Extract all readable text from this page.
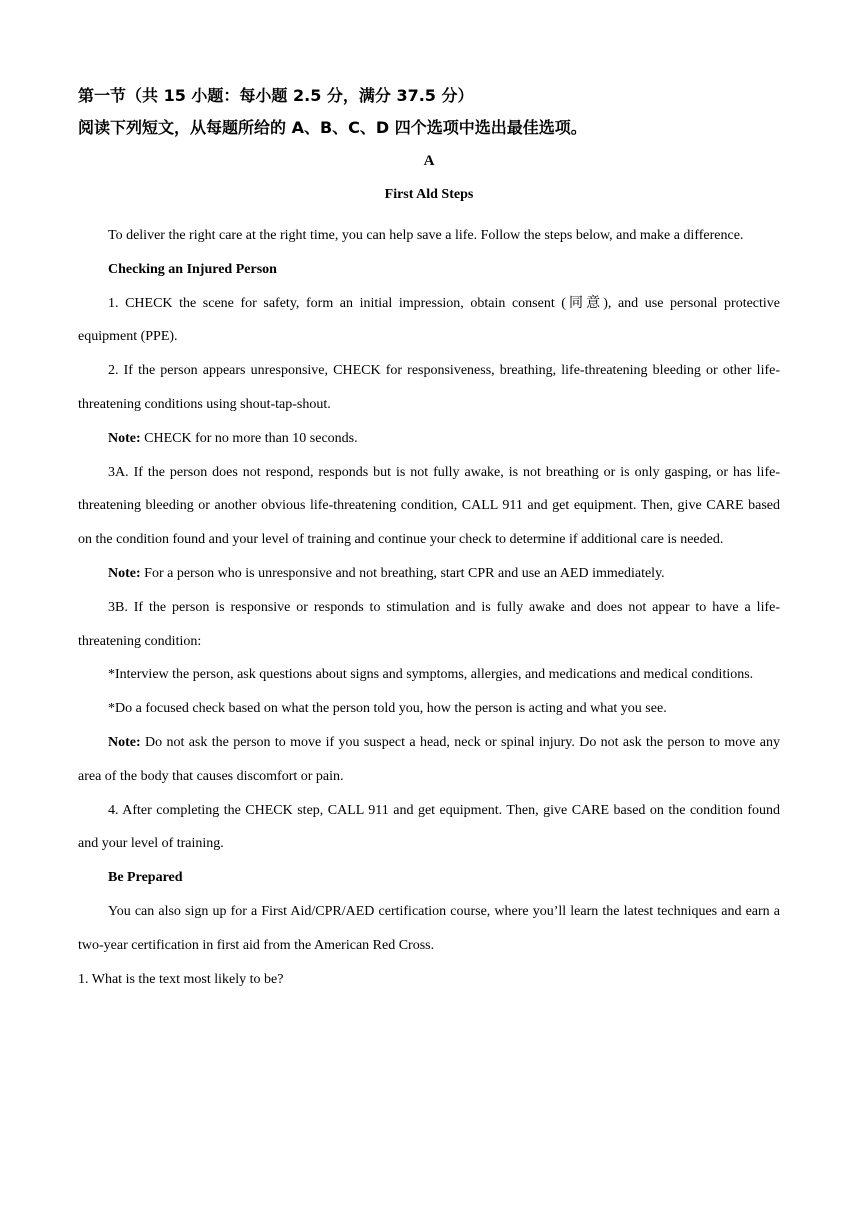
第一节（共 15 小题：每小题 2.5 分，满分 37.5 分）

阅读下列短文，从每题所给的 A、B、C、D 四个选项中选出最佳选项。

A

First Ald Steps

To deliver the right care at the right time, you can help save a life. Follow the steps below, and make a difference.

Checking an Injured Person

1. CHECK the scene for safety, form an initial impression, obtain consent (同意), and use personal protective equipment (PPE).

2. If the person appears unresponsive, CHECK for responsiveness, breathing, life-threatening bleeding or other life-threatening conditions using shout-tap-shout.

Note: CHECK for no more than 10 seconds.

3A. If the person does not respond, responds but is not fully awake, is not breathing or is only gasping, or has life-threatening bleeding or another obvious life-threatening condition, CALL 911 and get equipment. Then, give CARE based on the condition found and your level of training and continue your check to determine if additional care is needed.

Note: For a person who is unresponsive and not breathing, start CPR and use an AED immediately.

3B. If the person is responsive or responds to stimulation and is fully awake and does not appear to have a life-threatening condition:

*Interview the person, ask questions about signs and symptoms, allergies, and medications and medical conditions.

*Do a focused check based on what the person told you, how the person is acting and what you see.

Note: Do not ask the person to move if you suspect a head, neck or spinal injury. Do not ask the person to move any area of the body that causes discomfort or pain.

4. After completing the CHECK step, CALL 911 and get equipment. Then, give CARE based on the condition found and your level of training.

Be Prepared

You can also sign up for a First Aid/CPR/AED certification course, where you’ll learn the latest techniques and earn a two-year certification in first aid from the American Red Cross.

1. What is the text most likely to be?
